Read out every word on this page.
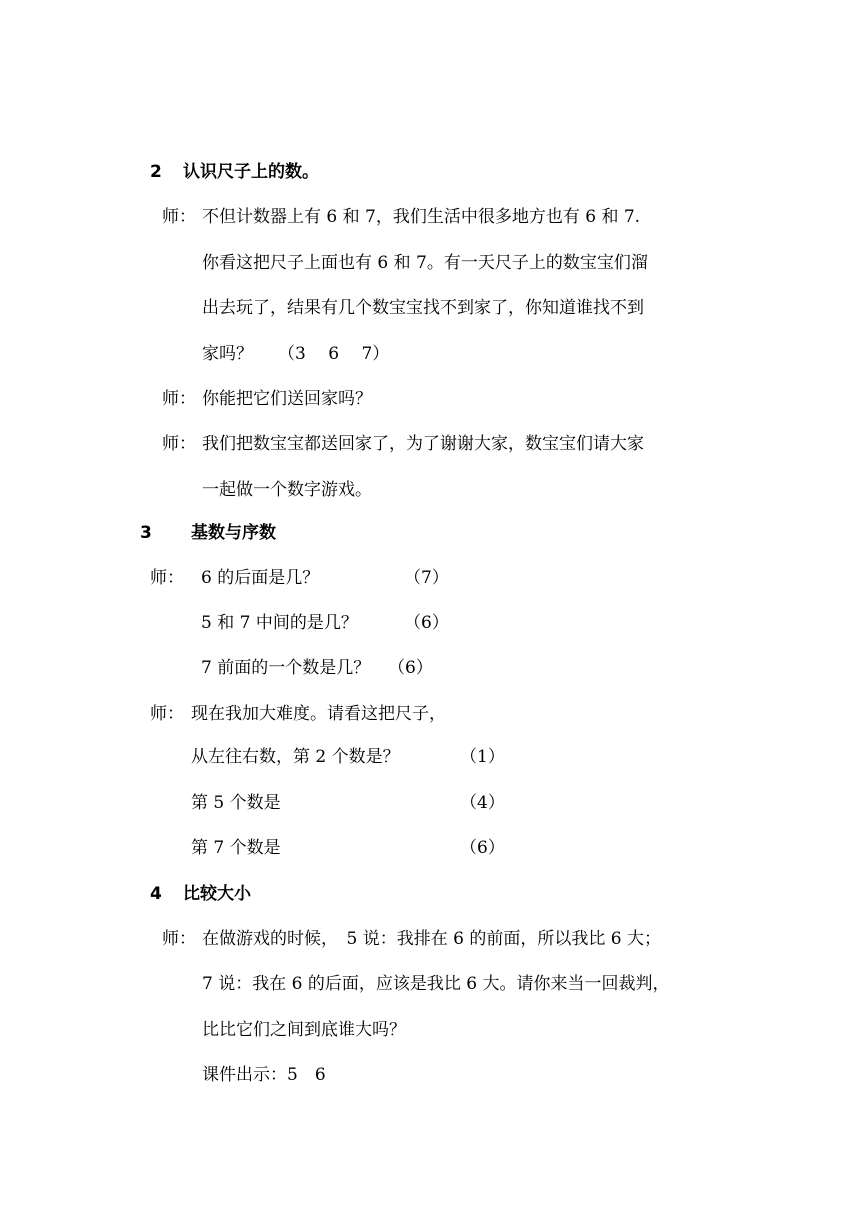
2 认识尺子上的数。
师： 不但计数器上有 6 和 7，我们生活中很多地方也有 6 和 7.
你看这把尺子上面也有 6 和 7。有一天尺子上的数宝宝们溜
出去玩了，结果有几个数宝宝找不到家了，你知道谁找不到
家吗？ （3　 6　 7）
师： 你能把它们送回家吗？
师： 我们把数宝宝都送回家了，为了谢谢大家，数宝宝们请大家
一起做一个数字游戏。
3 基数与序数
师： 6 的后面是几？	（7）
5 和 7 中间的是几？	（6）
7 前面的一个数是几？ （6）
师： 现在我加大难度。请看这把尺子，
从左往右数，第 2 个数是？	（1）
第 5 个数是	（4）
第 7 个数是	（6）
4 比较大小
师： 在做游戏的时候，　5 说：我排在 6 的前面，所以我比 6 大；
7 说：我在 6 的后面，应该是我比 6 大。请你来当一回裁判，
比比它们之间到底谁大吗？
课件出示：5　6
